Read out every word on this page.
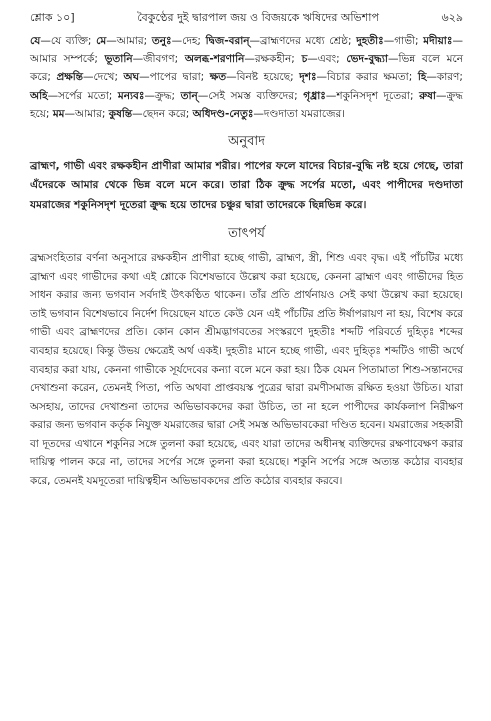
শ্লোক ১০]	বৈকুণ্ঠের দুই দ্বারপাল জয় ও বিজয়কে ঋষিদের অভিশাপ	৬২৯

যে—যে ব্যক্তি; মে—আমার; তনুঃ—দেহ; দ্বিজ-বরান্—ব্রাহ্মণদের মধ্যে শ্রেষ্ঠ; দুহতীঃ—গাভী; মদীয়াঃ—আমার সম্পর্কে; ভূতানি—জীবগণ; অলব্ধ-শরণানি—রক্ষকহীন; চ—এবং; ভেদ-বুদ্ধ্যা—ভিন্ন বলে মনে করে; প্রক্ষন্তি—দেখে; অঘ—পাপের দ্বারা; ক্ষত—বিনষ্ট হয়েছে; দৃশঃ—বিচার করার ক্ষমতা; হি—কারণ; অহি—সর্পের মতো; মন্যবঃ—ক্রুদ্ধ; তান্—সেই সমস্ত ব্যক্তিদের; গৃধ্রাঃ—শকুনিসদৃশ দূতেরা; রুষা—ক্রুদ্ধ হয়ে; মম—আমার; কুষন্তি—ছেদন করে; অধিদণ্ড-নেতুঃ—দণ্ডদাতা যমরাজের।

অনুবাদ

ব্রাহ্মণ, গাভী এবং রক্ষকহীন প্রাণীরা আমার শরীর। পাপের ফলে যাদের বিচার-বুদ্ধি নষ্ট হয়ে গেছে, তারা এঁদেরকে আমার থেকে ভিন্ন বলে মনে করে। তারা ঠিক ক্রুদ্ধ সর্পের মতো, এবং পাপীদের দণ্ডদাতা যমরাজের শকুনিসদৃশ দূতেরা ক্রুদ্ধ হয়ে তাদের চঞ্চুর দ্বারা তাদেরকে ছিন্নভিন্ন করে।

তাৎপর্য

ব্রহ্মসংহিতার বর্ণনা অনুসারে রক্ষকহীন প্রাণীরা হচ্ছে গাভী, ব্রাহ্মণ, স্ত্রী, শিশু এবং বৃদ্ধ। এই পাঁচটির মধ্যে ব্রাহ্মণ এবং গাভীদের কথা এই শ্লোকে বিশেষভাবে উল্লেখ করা হয়েছে, কেননা ব্রাহ্মণ এবং গাভীদের হিত সাধন করার জন্য ভগবান সর্বদাই উৎকণ্ঠিত থাকেন। তাঁর প্রতি প্রার্থনায়ও সেই কথা উল্লেখ করা হয়েছে। তাই ভগবান বিশেষভাবে নির্দেশ দিয়েছেন যাতে কেউ যেন এই পাঁচটির প্রতি ঈর্ষাপরায়ণ না হয়, বিশেষ করে গাভী এবং ব্রাহ্মণদের প্রতি। কোন কোন শ্রীমদ্ভাগবতের সংস্করণে দুহতীঃ শব্দটি পরিবর্তে দুহিতৃঃ শব্দের ব্যবহার হয়েছে। কিন্তু উভয় ক্ষেত্রেই অর্থ একই। দুহতীঃ মানে হচ্ছে গাভী, এবং দুহিতৃঃ শব্দটিও গাভী অর্থে ব্যবহার করা যায়, কেননা গাভীকে সূর্যদেবের কন্যা বলে মনে করা হয়। ঠিক যেমন পিতামাতা শিশু-সন্তানদের দেখাশুনা করেন, তেমনই পিতা, পতি অথবা প্রাপ্তবয়স্ক পুত্রের দ্বারা রমণীসমাজ রক্ষিত হওয়া উচিত। যারা অসহায়, তাদের দেখাশুনা তাদের অভিভাবকদের করা উচিত, তা না হলে পাপীদের কার্যকলাপ নিরীক্ষণ করার জন্য ভগবান কর্তৃক নিযুক্ত যমরাজের দ্বারা সেই সমস্ত অভিভাবকেরা দণ্ডিত হবেন। যমরাজের সহকারী বা দূতদের এখানে শকুনির সঙ্গে তুলনা করা হয়েছে, এবং যারা তাদের অধীনস্থ ব্যক্তিদের রক্ষণাবেক্ষণ করার দায়িত্ব পালন করে না, তাদের সর্পের সঙ্গে তুলনা করা হয়েছে। শকুনি সর্পের সঙ্গে অত্যন্ত কঠোর ব্যবহার করে, তেমনই যমদূতেরা দায়িত্বহীন অভিভাবকদের প্রতি কঠোর ব্যবহার করবে।
